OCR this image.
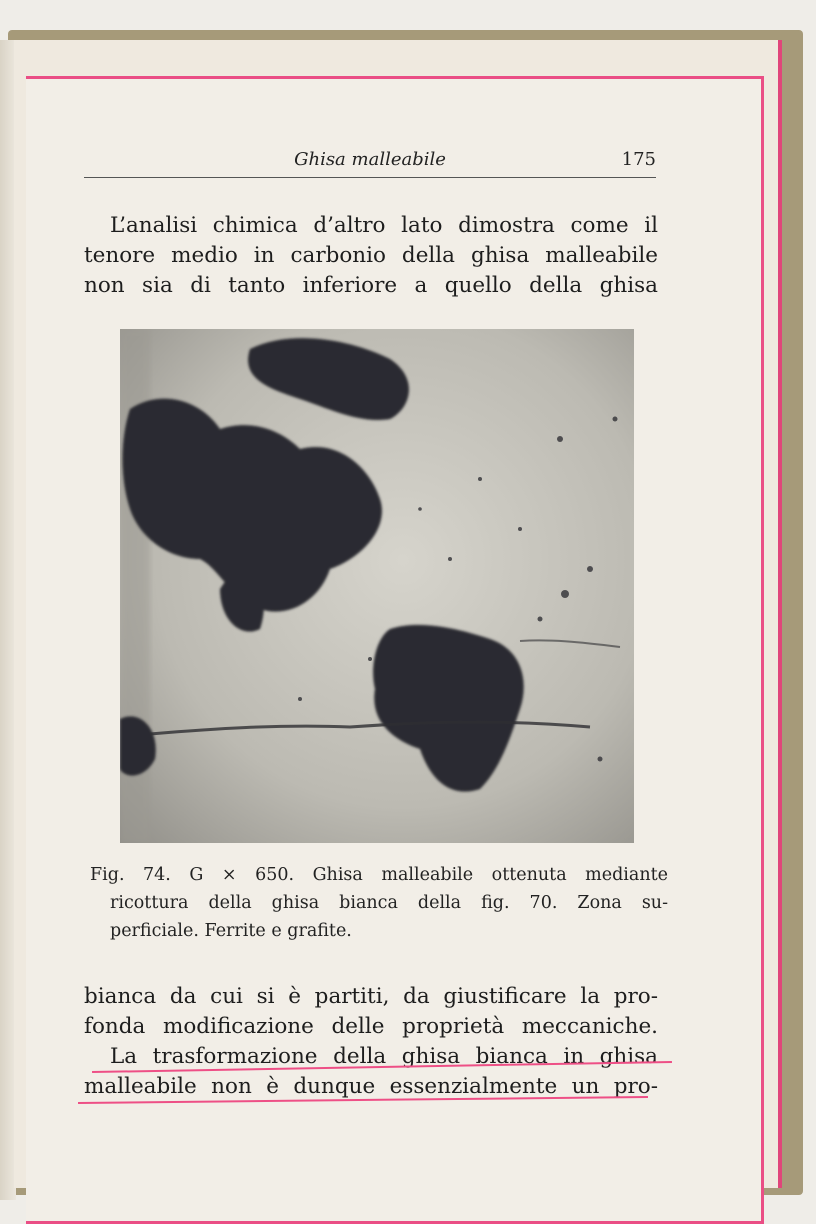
Ghisa malleabile	175
L’analisi chimica d’altro lato dimostra come il
tenore medio in carbonio della ghisa malleabile
non sia di tanto inferiore a quello della ghisa
Fig. 74. G ⨯ 650. Ghisa malleabile ottenuta mediante
ricottura della ghisa bianca della fig. 70. Zona su-
perficiale. Ferrite e grafite.
bianca da cui si è partiti, da giustificare la pro-
fonda modificazione delle proprietà meccaniche.
La trasformazione della ghisa bianca in ghisa
malleabile non è dunque essenzialmente un pro-
